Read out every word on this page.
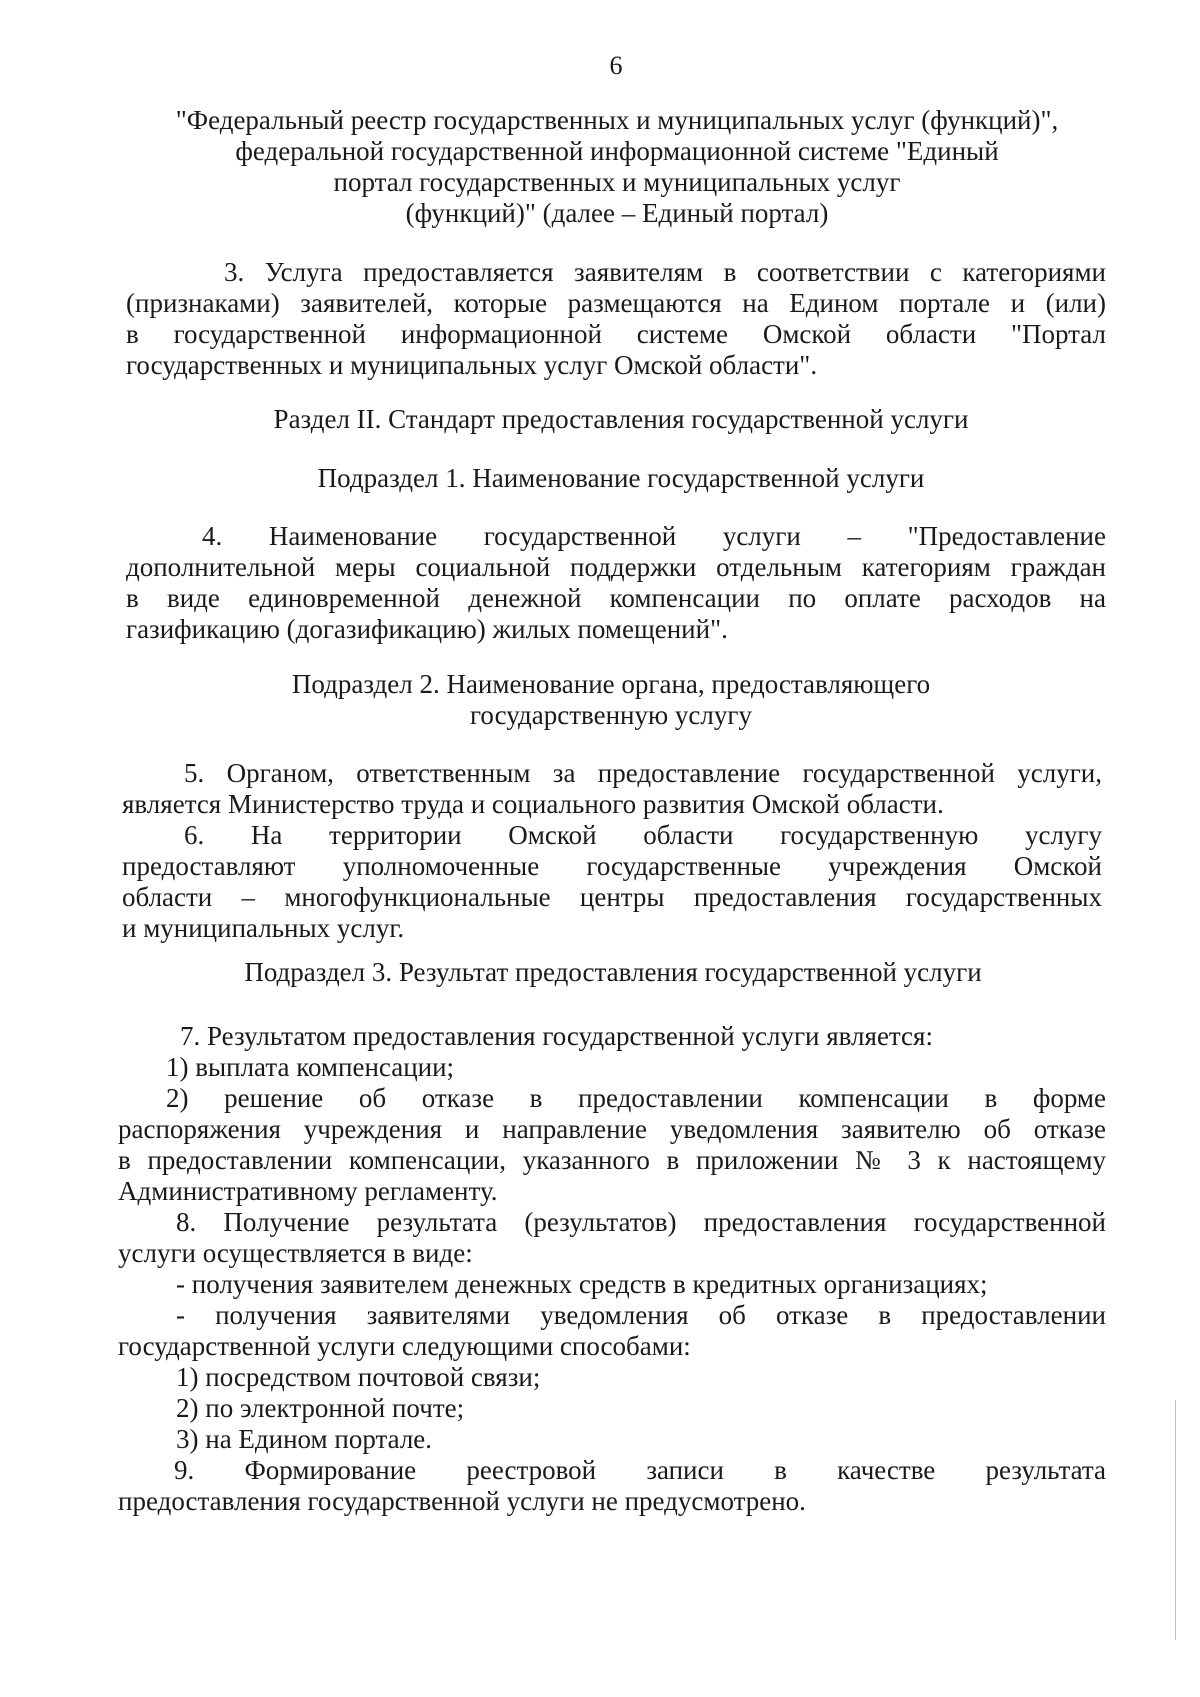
6
"Федеральный реестр государственных и муниципальных услуг (функций)",
федеральной государственной информационной системе "Единый
портал государственных и муниципальных услуг
(функций)" (далее – Единый портал)
3. Услуга предоставляется заявителям в соответствии с категориями
(признаками) заявителей, которые размещаются на Едином портале и (или)
в государственной информационной системе Омской области "Портал
государственных и муниципальных услуг Омской области".
Раздел II. Стандарт предоставления государственной услуги
Подраздел 1. Наименование государственной услуги
4. Наименование государственной услуги – "Предоставление
дополнительной меры социальной поддержки отдельным категориям граждан
в виде единовременной денежной компенсации по оплате расходов на
газификацию (догазификацию) жилых помещений".
Подраздел 2. Наименование органа, предоставляющего
государственную услугу
5. Органом, ответственным за предоставление государственной услуги,
является Министерство труда и социального развития Омской области.
6. На территории Омской области государственную услугу
предоставляют уполномоченные государственные учреждения Омской
области – многофункциональные центры предоставления государственных
и муниципальных услуг.
Подраздел 3. Результат предоставления государственной услуги
7. Результатом предоставления государственной услуги является:
1) выплата компенсации;
2) решение об отказе в предоставлении компенсации в форме
распоряжения учреждения и направление уведомления заявителю об отказе
в предоставлении компенсации, указанного в приложении № 3 к настоящему
Административному регламенту.
8. Получение результата (результатов) предоставления государственной
услуги осуществляется в виде:
- получения заявителем денежных средств в кредитных организациях;
- получения заявителями уведомления об отказе в предоставлении
государственной услуги следующими способами:
1) посредством почтовой связи;
2) по электронной почте;
3) на Едином портале.
9. Формирование реестровой записи в качестве результата
предоставления государственной услуги не предусмотрено.
